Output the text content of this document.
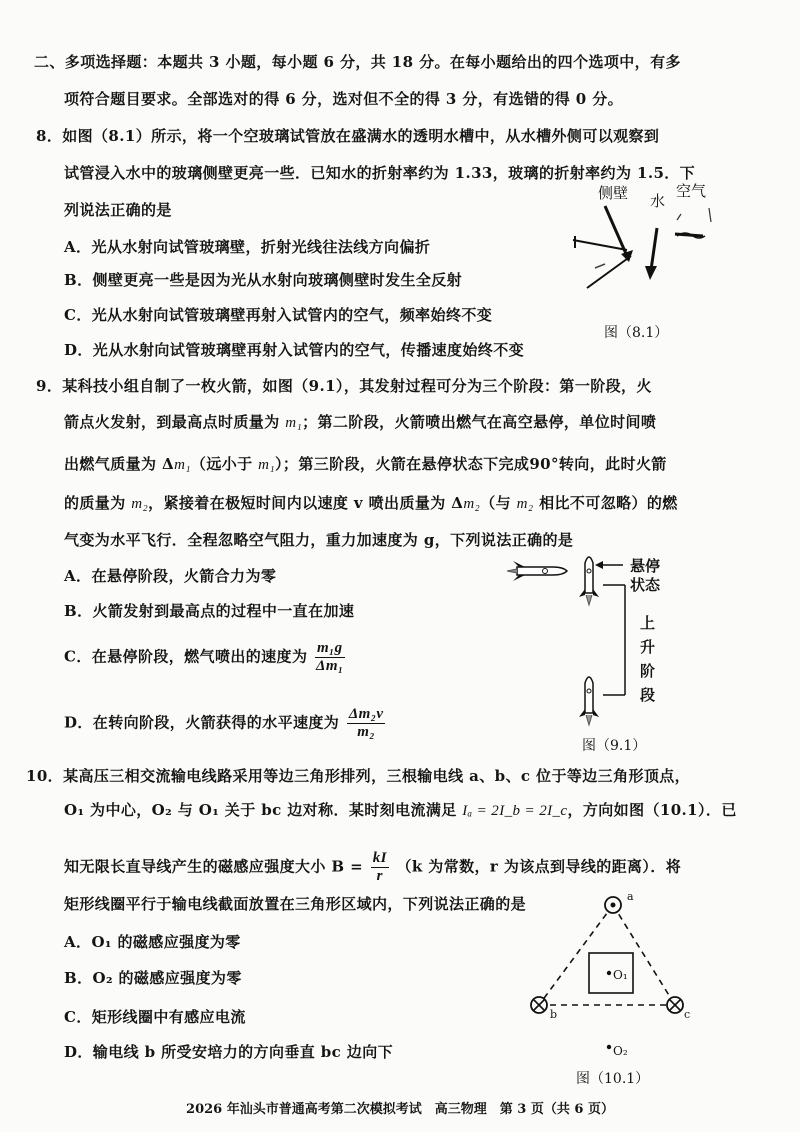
二、多项选择题：本题共 3 小题，每小题 6 分，共 18 分。在每小题给出的四个选项中，有多
项符合题目要求。全部选对的得 6 分，选对但不全的得 3 分，有选错的得 0 分。
8．如图（8.1）所示，将一个空玻璃试管放在盛满水的透明水槽中，从水槽外侧可以观察到
试管浸入水中的玻璃侧壁更亮一些．已知水的折射率约为 1.33，玻璃的折射率约为 1.5．下
列说法正确的是
A．光从水射向试管玻璃壁，折射光线往法线方向偏折
B．侧壁更亮一些是因为光从水射向玻璃侧壁时发生全反射
C．光从水射向试管玻璃壁再射入试管内的空气，频率始终不变
D．光从水射向试管玻璃壁再射入试管内的空气，传播速度始终不变
侧壁 水
空气
图（8.1）
9．某科技小组自制了一枚火箭，如图（9.1），其发射过程可分为三个阶段：第一阶段，火
箭点火发射，到最高点时质量为 m₁；第二阶段，火箭喷出燃气在高空悬停，单位时间喷
出燃气质量为 Δm₁（远小于 m₁）；第三阶段，火箭在悬停状态下完成90°转向，此时火箭
的质量为 m₂，紧接着在极短时间内以速度 v 喷出质量为 Δm₂（与 m₂ 相比不可忽略）的燃
气变为水平飞行．全程忽略空气阻力，重力加速度为 g，下列说法正确的是
A．在悬停阶段，火箭合力为零
B．火箭发射到最高点的过程中一直在加速
C．在悬停阶段，燃气喷出的速度为 $\frac{\text{m₁g}}{\text{Δm₁}}$
D．在转向阶段，火箭获得的水平速度为 $\frac{\text{Δm₂v}}{\text{m₂}}$
悬停
状态
上
升
阶
段
图（9.1）
10．某高压三相交流输电线路采用等边三角形排列，三根输电线 a、b、c 位于等边三角形顶点，
O₁ 为中心，O₂ 与 O₁ 关于 bc 边对称．某时刻电流满足 Iₐ = 2I_b = 2I_c，方向如图（10.1）．已
知无限长直导线产生的磁感应强度大小 $B = \frac{kI}{r} (k$ 为常数，r 为该点到导线的距离）．将
矩形线圈平行于输电线截面放置在三角形区域内，下列说法正确的是
A．O₁ 的磁感应强度为零
B．O₂ 的磁感应强度为零
C．矩形线圈中有感应电流
D．输电线 b 所受安培力的方向垂直 bc 边向下
a
b	c
O₁
O₂
图（10.1）
2026 年汕头市普通高考第二次模拟考试　高三物理　第 3 页（共 6 页）
